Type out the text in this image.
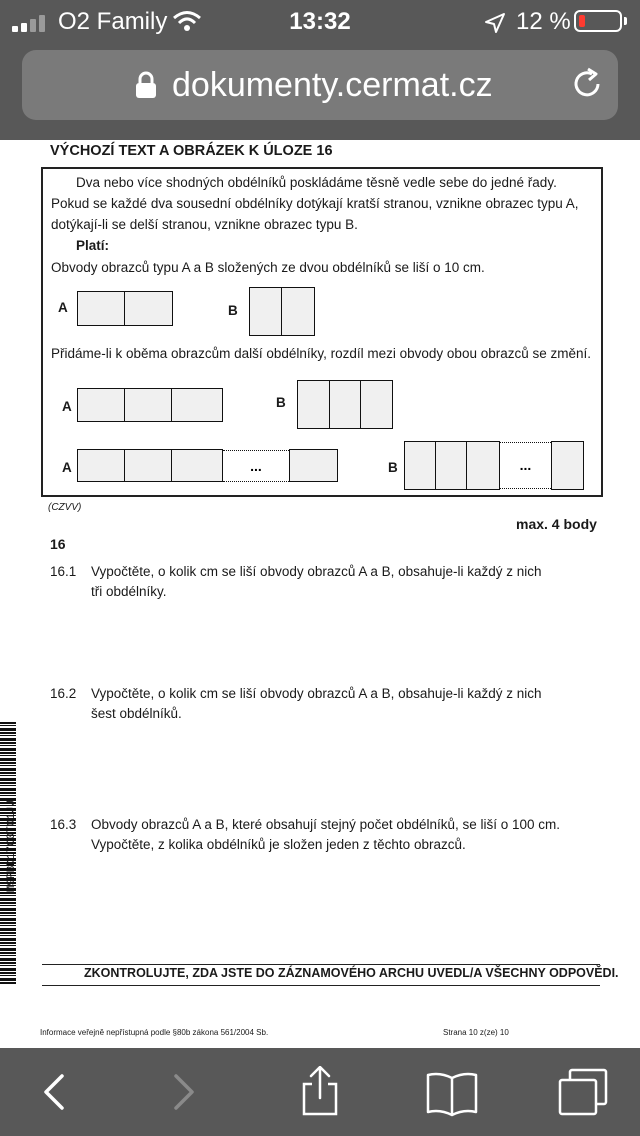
O2 Family	13:32	12 %
dokumenty.cermat.cz
VÝCHOZÍ TEXT A OBRÁZEK K ÚLOZE 16
Dva nebo více shodných obdélníků poskládáme těsně vedle sebe do jedné řady.
Pokud se každé dva sousední obdélníky dotýkají kratší stranou, vznikne obrazec typu A,
dotýkají-li se delší stranou, vznikne obrazec typu B.
Platí:
Obvody obrazců typu A a B složených ze dvou obdélníků se liší o 10 cm.
A	B
Přidáme-li k oběma obrazcům další obdélníky, rozdíl mezi obvody obou obrazců se změní.
A	B
A	...	B	...
(CZVV)
max. 4 body
16
16.1 Vypočtěte, o kolik cm se liší obvody obrazců A a B, obsahuje-li každý z nich
tři obdélníky.
16.2 Vypočtěte, o kolik cm se liší obvody obrazců A a B, obsahuje-li každý z nich
šest obdélníků.
16.3 Obvody obrazců A a B, které obsahují stejný počet obdélníků, se liší o 100 cm.
Vypočtěte, z kolika obdélníků je složen jeden z těchto obrazců.
ZKONTROLUJTE, ZDA JSTE DO ZÁZNAMOVÉHO ARCHU UVEDL/A VŠECHNY ODPOVĚDI.
Informace veřejně nepřístupná podle §80b zákona 561/2004 Sb.	Strana 10 z(ze) 10
M9PBD17C0T01JJ
